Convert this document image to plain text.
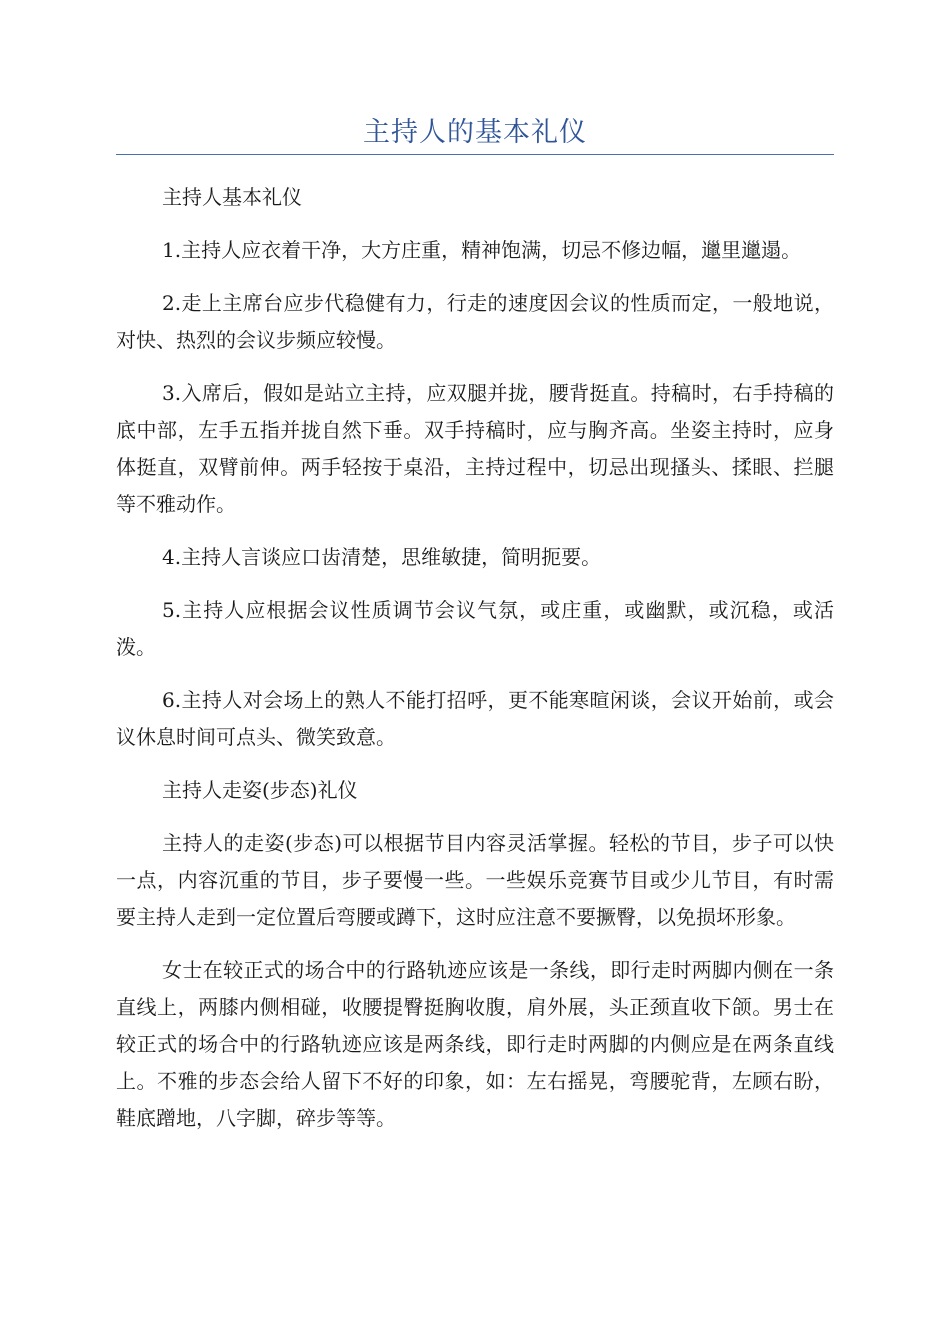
主持人的基本礼仪

主持人基本礼仪

1.主持人应衣着干净，大方庄重，精神饱满，切忌不修边幅，邋里邋遢。

2.走上主席台应步代稳健有力，行走的速度因会议的性质而定，一般地说，对快、热烈的会议步频应较慢。

3.入席后，假如是站立主持，应双腿并拢，腰背挺直。持稿时，右手持稿的底中部，左手五指并拢自然下垂。双手持稿时，应与胸齐高。坐姿主持时，应身体挺直，双臂前伸。两手轻按于桌沿，主持过程中，切忌出现搔头、揉眼、拦腿等不雅动作。

4.主持人言谈应口齿清楚，思维敏捷，简明扼要。

5.主持人应根据会议性质调节会议气氛，或庄重，或幽默，或沉稳，或活泼。

6.主持人对会场上的熟人不能打招呼，更不能寒暄闲谈，会议开始前，或会议休息时间可点头、微笑致意。

主持人走姿(步态)礼仪

主持人的走姿(步态)可以根据节目内容灵活掌握。轻松的节目，步子可以快一点，内容沉重的节目，步子要慢一些。一些娱乐竞赛节目或少儿节目，有时需要主持人走到一定位置后弯腰或蹲下，这时应注意不要撅臀，以免损坏形象。

女士在较正式的场合中的行路轨迹应该是一条线，即行走时两脚内侧在一条直线上，两膝内侧相碰，收腰提臀挺胸收腹，肩外展，头正颈直收下颌。男士在较正式的场合中的行路轨迹应该是两条线，即行走时两脚的内侧应是在两条直线上。不雅的步态会给人留下不好的印象，如：左右摇晃，弯腰驼背，左顾右盼，鞋底蹭地，八字脚，碎步等等。
